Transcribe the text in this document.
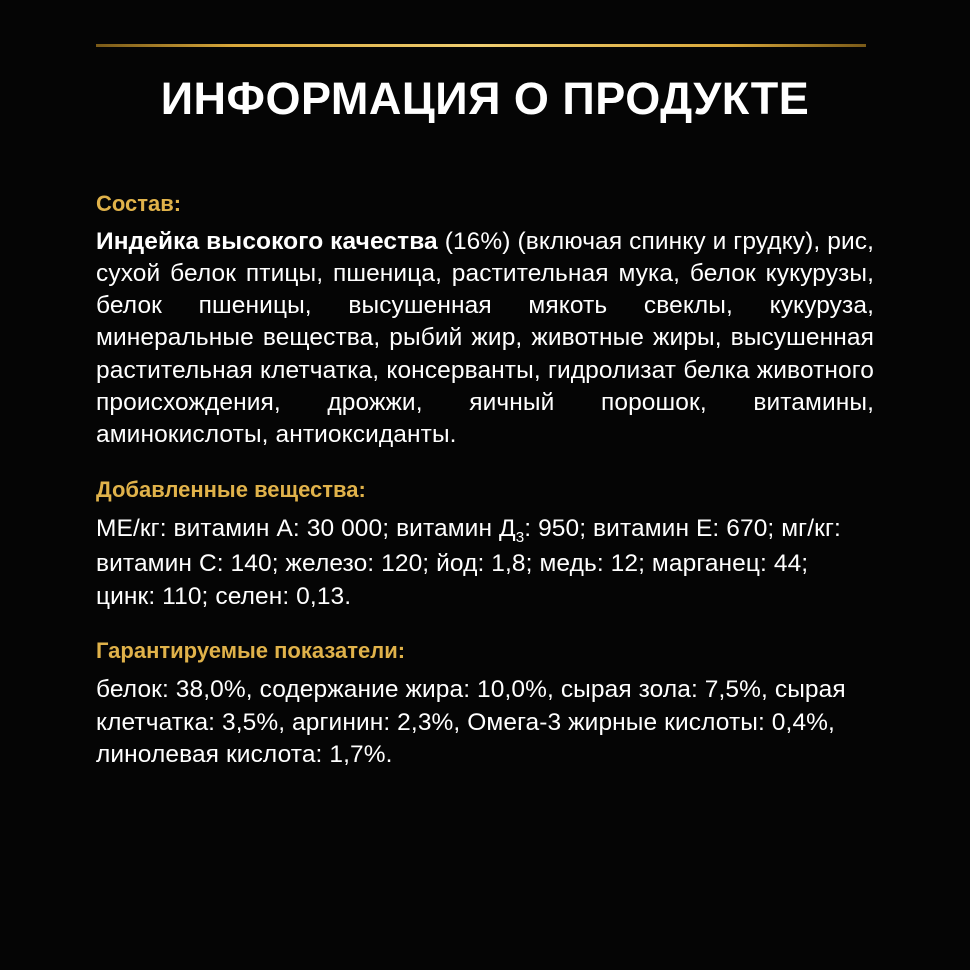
ИНФОРМАЦИЯ О ПРОДУКТЕ
Состав:
Индейка высокого качества (16%) (включая спинку и грудку), рис, сухой белок птицы, пшеница, растительная мука, белок кукурузы, белок пшеницы, высушенная мякоть свеклы, кукуруза, минеральные вещества, рыбий жир, животные жиры, высушенная растительная клетчатка, консерванты, гидролизат белка животного происхождения, дрожжи, яичный порошок, витамины, аминокислоты, антиоксиданты.
Добавленные вещества:
МЕ/кг: витамин А: 30 000; витамин $Д_3$: 950; витамин Е: 670; мг/кг: витамин С: 140; железо: 120; йод: 1,8; медь: 12; марганец: 44; цинк: 110; селен: 0,13.
Гарантируемые показатели:
белок: 38,0%, содержание жира: 10,0%, сырая зола: 7,5%, сырая клетчатка: 3,5%, аргинин: 2,3%, Омега-3 жирные кислоты: 0,4%, линолевая кислота: 1,7%.
